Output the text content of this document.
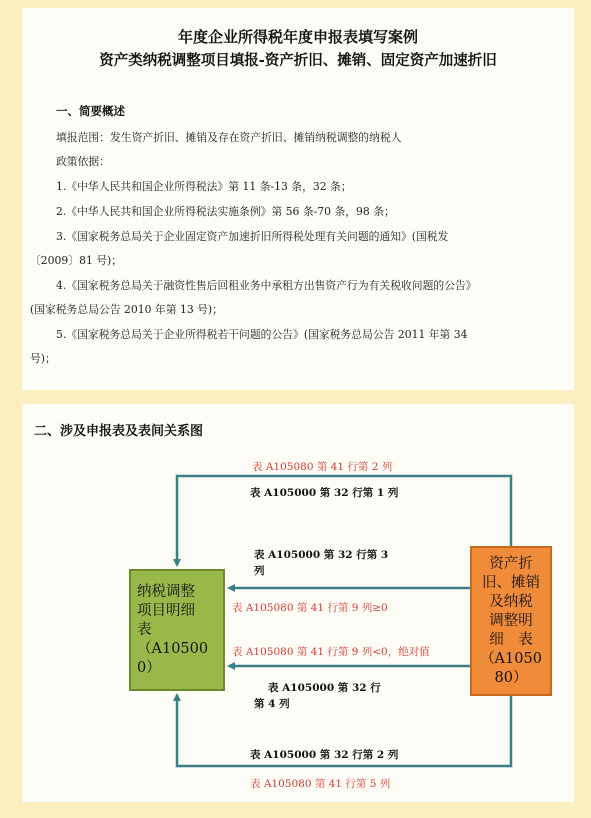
年度企业所得税年度申报表填写案例
资产类纳税调整项目填报-资产折旧、摊销、固定资产加速折旧
一、简要概述
填报范围：发生资产折旧、摊销及存在资产折旧、摊销纳税调整的纳税人
政策依据：
1.《中华人民共和国企业所得税法》第 11 条-13 条，32 条；
2.《中华人民共和国企业所得税法实施条例》第 56 条-70 条，98 条；
3.《国家税务总局关于企业固定资产加速折旧所得税处理有关问题的通知》(国税发
〔2009〕81 号)；
4.《国家税务总局关于融资性售后回租业务中承租方出售资产行为有关税收问题的公告》
(国家税务总局公告 2010 年第 13 号)；
5.《国家税务总局关于企业所得税若干问题的公告》(国家税务总局公告 2011 年第 34
号)；
二、涉及申报表及表间关系图
表 A105080 第 41 行第 2 列
表 A105000 第 32 行第 1 列
表 A105000 第 32 行第 3
列
表 A105080 第 41 行第 9 列≥0
表 A105080 第 41 行第 9 列<0，绝对值
表 A105000 第 32 行
第 4 列
表 A105000 第 32 行第 2 列
表 A105080 第 41 行第 5 列
纳税调整
项目明细
表
（A10500
0）
资产折
旧、摊销
及纳税
调整明
细　表
（A1050
80）
